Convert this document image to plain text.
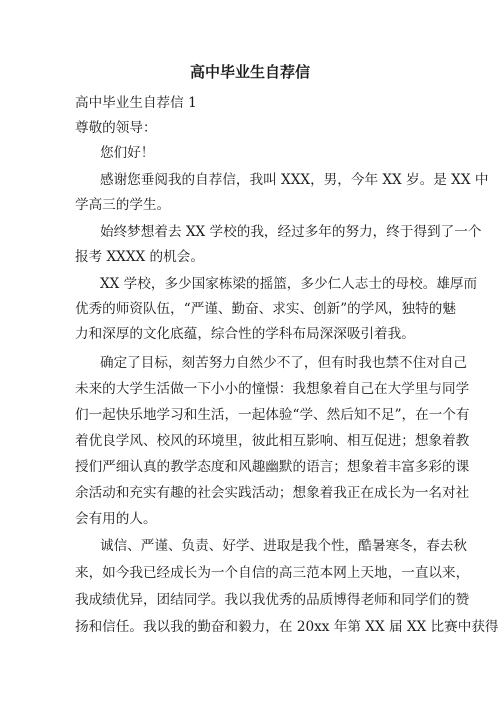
高中毕业生自荐信
高中毕业生自荐信 1
尊敬的领导：
您们好！
感谢您垂阅我的自荐信，我叫 XXX，男，今年 XX 岁。是 XX 中
学高三的学生。
始终梦想着去 XX 学校的我，经过多年的努力，终于得到了一个
报考 XXXX 的机会。
XX 学校，多少国家栋梁的摇篮，多少仁人志士的母校。雄厚而
优秀的师资队伍，“严谨、勤奋、求实、创新”的学风，独特的魅
力和深厚的文化底蕴，综合性的学科布局深深吸引着我。
确定了目标，刻苦努力自然少不了，但有时我也禁不住对自己
未来的大学生活做一下小小的憧憬：我想象着自己在大学里与同学
们一起快乐地学习和生活，一起体验“学、然后知不足”，在一个有
着优良学风、校风的环境里，彼此相互影响、相互促进；想象着教
授们严细认真的教学态度和风趣幽默的语言；想象着丰富多彩的课
余活动和充实有趣的社会实践活动；想象着我正在成长为一名对社
会有用的人。
诚信、严谨、负责、好学、进取是我个性，酷暑寒冬，春去秋
来，如今我已经成长为一个自信的高三范本网上天地，一直以来，
我成绩优异，团结同学。我以我优秀的品质博得老师和同学们的赞
扬和信任。我以我的勤奋和毅力，在 20xx 年第 XX 届 XX 比赛中获得
